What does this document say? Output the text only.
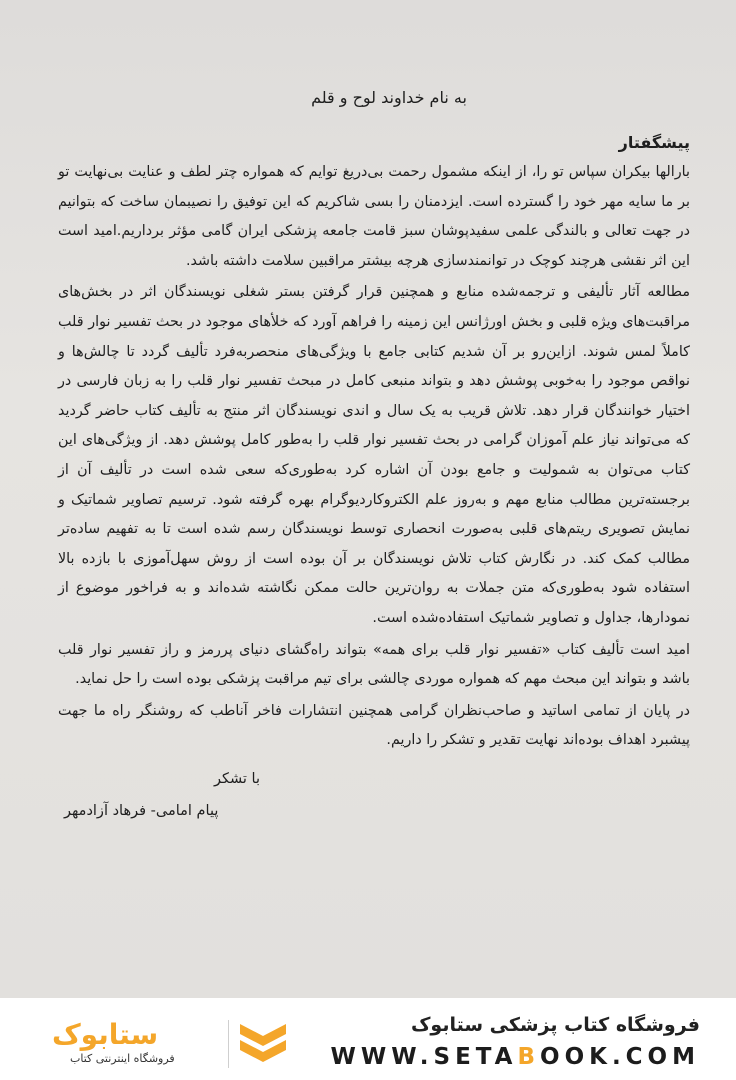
به نام خداوند لوح و قلم
پیشگفتار

بارالها بیکران سپاس تو را، از اینکه مشمول رحمت بی‌دریغ توایم که همواره چتر لطف و عنایت بی‌نهایت تو بر ما سایه مهر خود را گسترده است. ایزدمنان را بسی شاکریم که این توفیق را نصیبمان ساخت که بتوانیم در جهت تعالی و بالندگی علمی سفیدپوشان سبز قامت جامعه پزشکی ایران گامی مؤثر برداریم.امید است این اثر نقشی هرچند کوچک در توانمندسازی هرچه بیشتر مراقبین سلامت داشته باشد.

مطالعه آثار تألیفی و ترجمه‌شده منابع و همچنین قرار گرفتن بستر شغلی نویسندگان اثر در بخش‌های مراقبت‌های ویژه قلبی و بخش اورژانس این زمینه را فراهم آورد که خلأهای موجود در بحث تفسیر نوار قلب کاملاً لمس شوند. ازاین‌رو بر آن شدیم کتابی جامع با ویژگی‌های منحصربه‌فرد تألیف گردد تا چالش‌ها و نواقص موجود را به‌خوبی پوشش دهد و بتواند منبعی کامل در مبحث تفسیر نوار قلب را به زبان فارسی در اختیار خوانندگان قرار دهد. تلاش قریب به یک سال و اندی نویسندگان اثر منتج به تألیف کتاب حاضر گردید که می‌تواند نیاز علم آموزان گرامی در بحث تفسیر نوار قلب را به‌طور کامل پوشش دهد. از ویژگی‌های این کتاب می‌توان به شمولیت و جامع بودن آن اشاره کرد به‌طوری‌که سعی شده است در تألیف آن از برجسته‌ترین مطالب منابع مهم و به‌روز علم الکتروکاردیوگرام بهره گرفته شود. ترسیم تصاویر شماتیک و نمایش تصویری ریتم‌های قلبی به‌صورت انحصاری توسط نویسندگان رسم شده است تا به تفهیم ساده‌تر مطالب کمک کند. در نگارش کتاب تلاش نویسندگان بر آن بوده است از روش سهل‌آموزی با بازده بالا استفاده شود به‌طوری‌که متن جملات به روان‌ترین حالت ممکن نگاشته شده‌اند و به فراخور موضوع از نمودارها، جداول و تصاویر شماتیک استفاده‌شده است.

امید است تألیف کتاب «تفسیر نوار قلب برای همه» بتواند راه‌گشای دنیای پررمز و راز تفسیر نوار قلب باشد و بتواند این مبحث مهم که همواره موردی چالشی برای تیم مراقبت پزشکی بوده است را حل نماید.

در پایان از تمامی اساتید و صاحب‌نظران گرامی همچنین انتشارات فاخر آناطب که روشنگر راه ما جهت پیشبرد اهداف بوده‌اند نهایت تقدیر و تشکر را داریم.

با تشکر
پیام امامی- فرهاد آزادمهر
ستابوک
فروشگاه اینترنتی کتاب
فروشگاه کتاب پزشکی ستابوک
WWW.SETABOOK.COM
